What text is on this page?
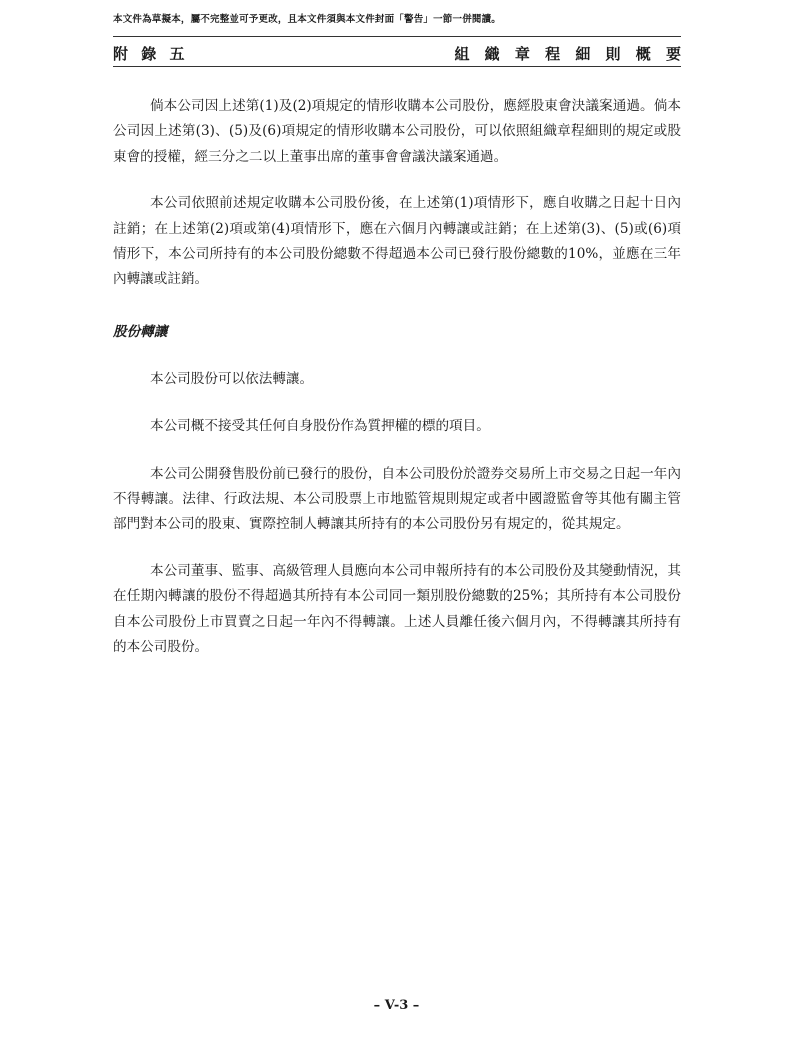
本文件為草擬本，屬不完整並可予更改，且本文件須與本文件封面「警告」一節一併閱讀。
附 錄 五	組 織 章 程 細 則 概 要

倘本公司因上述第(1)及(2)項規定的情形收購本公司股份，應經股東會決議案通過。倘本公司因上述第(3)、(5)及(6)項規定的情形收購本公司股份，可以依照組織章程細則的規定或股東會的授權，經三分之二以上董事出席的董事會會議決議案通過。

本公司依照前述規定收購本公司股份後，在上述第(1)項情形下，應自收購之日起十日內註銷；在上述第(2)項或第(4)項情形下，應在六個月內轉讓或註銷；在上述第(3)、(5)或(6)項情形下，本公司所持有的本公司股份總數不得超過本公司已發行股份總數的10%，並應在三年內轉讓或註銷。

股份轉讓

本公司股份可以依法轉讓。

本公司概不接受其任何自身股份作為質押權的標的項目。

本公司公開發售股份前已發行的股份，自本公司股份於證券交易所上市交易之日起一年內不得轉讓。法律、行政法規、本公司股票上市地監管規則規定或者中國證監會等其他有關主管部門對本公司的股東、實際控制人轉讓其所持有的本公司股份另有規定的，從其規定。

本公司董事、監事、高級管理人員應向本公司申報所持有的本公司股份及其變動情況，其在任期內轉讓的股份不得超過其所持有本公司同一類別股份總數的25%；其所持有本公司股份自本公司股份上市買賣之日起一年內不得轉讓。上述人員離任後六個月內，不得轉讓其所持有的本公司股份。

– V-3 –
